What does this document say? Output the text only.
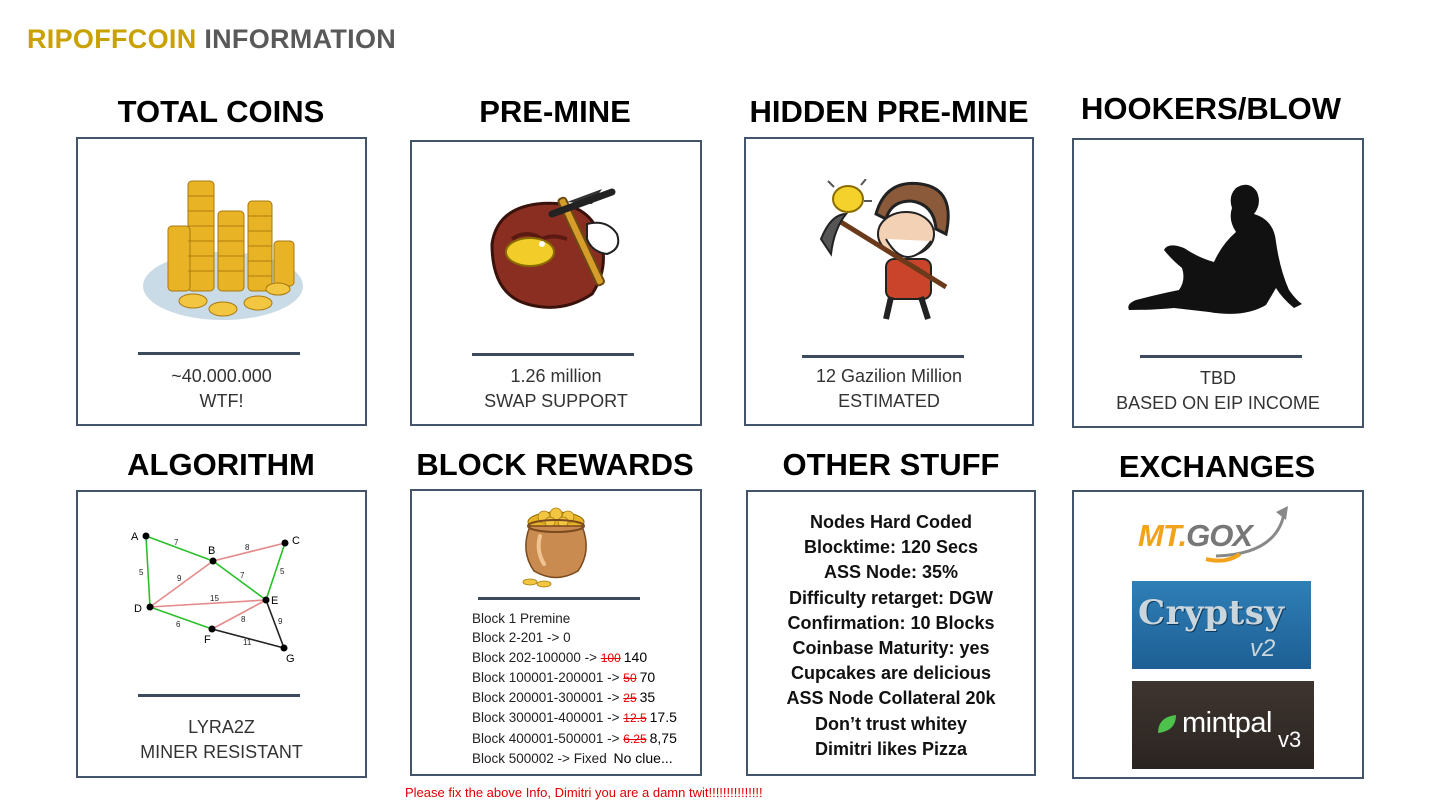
RIPOFFCOIN INFORMATION
TOTAL COINS
~40.000.000
WTF!
PRE-MINE
1.26 million
SWAP SUPPORT
HIDDEN PRE-MINE
12 Gazilion Million
ESTIMATED
HOOKERS/BLOW
TBD
BASED ON EIP INCOME
ALGORITHM
A
B
C
D
E
F
G
7
8
5
9	7	5
15
8
6	9
11
LYRA2Z
MINER RESISTANT
BLOCK REWARDS
Block 1 Premine
Block 2-201 -> 0
Block 202-100000 -> 100 140
Block 100001-200001 -> 50 70
Block 200001-300001 -> 25 35
Block 300001-400001 -> 12.5 17.5
Block 400001-500001 -> 6.25 8,75
Block 500002 -> Fixed No clue...
OTHER STUFF
Nodes Hard Coded
Blocktime: 120 Secs
ASS Node: 35%
Difficulty retarget: DGW
Confirmation: 10 Blocks
Coinbase Maturity: yes
Cupcakes are delicious
ASS Node Collateral 20k
Don’t trust whitey
Dimitri likes Pizza
EXCHANGES
MT.GOX
Cryptsy
v2
mintpal
v3
Please fix the above Info, Dimitri you are a damn twit!!!!!!!!!!!!!!!
